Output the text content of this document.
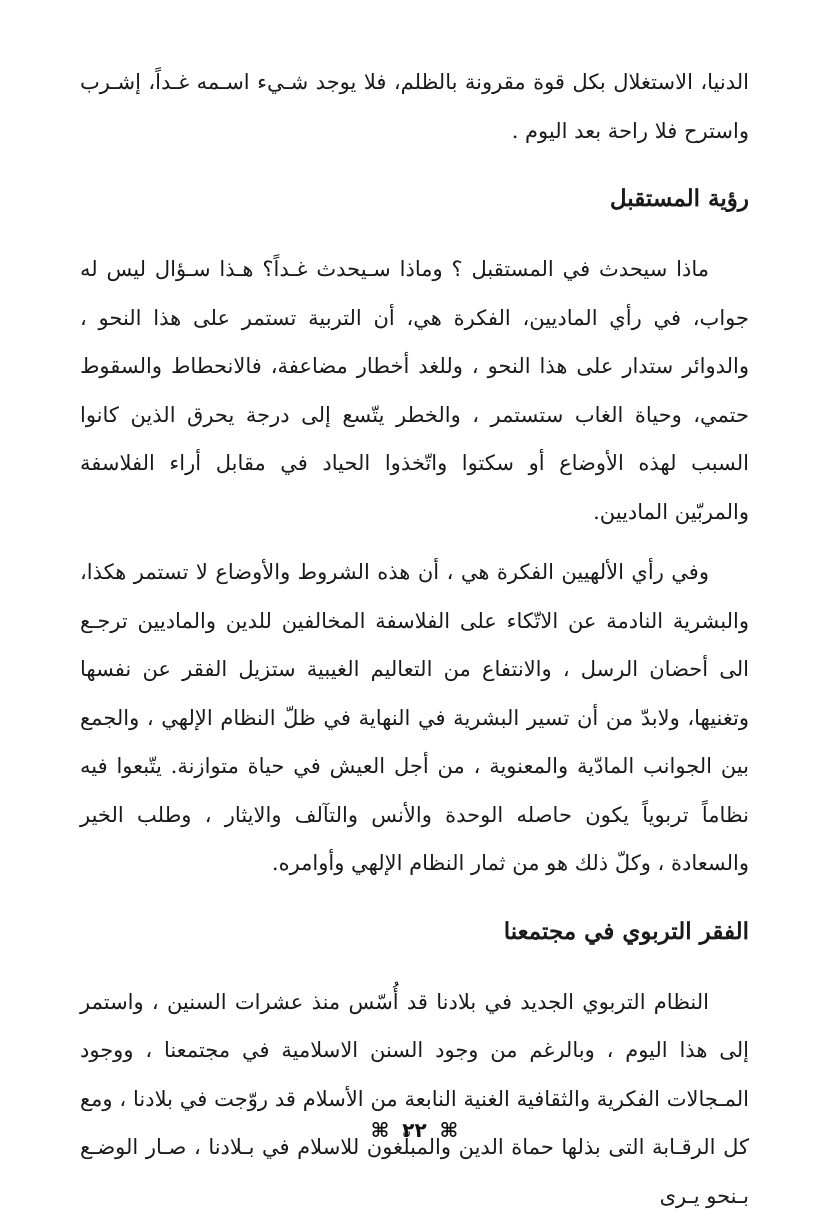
الدنيا، الاستغلال بكل قوة مقرونة بالظلم، فلا يوجد شـيء اسـمه غـداً، إشـرب واسترح فلا راحة بعد اليوم .

رؤية المستقبل

ماذا سيحدث في المستقبل ؟ وماذا سـيحدث غـداً؟ هـذا سـؤال ليس له جواب، في رأي الماديين، الفكرة هي، أن التربية تستمر على هذا النحو ، والدوائر ستدار على هذا النحو ، وللغد أخطار مضاعفة، فالانحطاط والسقوط حتمي، وحياة الغاب ستستمر ، والخطر يتّسع إلى درجة يحرق الذين كانوا السبب لهذه الأوضاع أو سكتوا واتّخذوا الحياد في مقابل أراء الفلاسفة والمربّين الماديين.

وفي رأي الألهيين الفكرة هي ، أن هذه الشروط والأوضاع لا تستمر هكذا، والبشرية النادمة عن الاتّكاء على الفلاسفة المخالفين للدين والماديين ترجـع الى أحضان الرسل ، والانتفاع من التعاليم الغيبية ستزيل الفقر عن نفسها وتغنيها، ولابدّ من أن تسير البشرية في النهاية في ظلّ النظام الإلهي ، والجمع بين الجوانب المادّية والمعنوية ، من أجل العيش في حياة متوازنة. يتّبعوا فيه نظاماً تربوياً يكون حاصله الوحدة والأنس والتآلف والايثار ، وطلب الخير والسعادة ، وكلّ ذلك هو من ثمار النظام الإلهي وأوامره.

الفقر التربوي في مجتمعنا

النظام التربوي الجديد في بلادنا قد أُسّس منذ عشرات السنين ، واستمر إلى هذا اليوم ، وبالرغم من وجود السنن الاسلامية في مجتمعنا ، ووجود المـجالات الفكرية والثقافية الغنية النابعة من الأسلام قد روّجت في بلادنا ، ومع كل الرقـابة التى بذلها حماة الدين والمبلّغون للاسلام في بـلادنا ، صـار الوضـع بـنحو يـرى

⌘ ٢٢ ⌘
